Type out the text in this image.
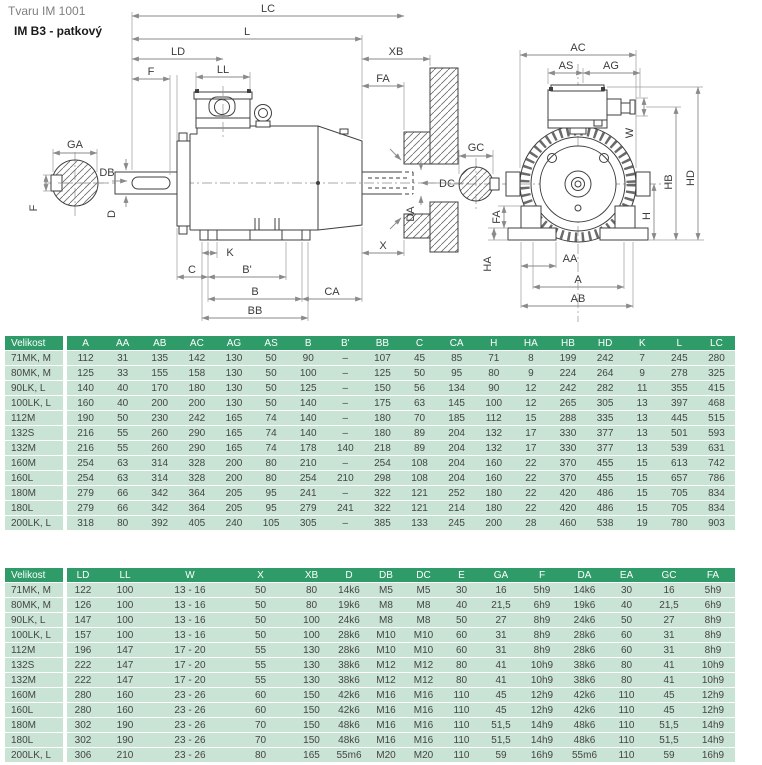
Tvaru IM 1001
IM B3 - patkový
GA
F
DB
D
LC
L
LD	XB
F	LL
FA
DC
DA
K
X
C	B'
B	CA
BB
GC
AC
AS	AG
W
H
HB HD
FA
HA	AA
A
AB
Velikost	A	AA	AB	AC	AG	AS	B	B'	BB	C	CA	H	HA	HB	HD	K	L	LC
71MK, M	112	31	135	142	130	50	90	–	107	45	85	71	8	199	242	7	245	280
80MK, M	125	33	155	158	130	50	100	–	125	50	95	80	9	224	264	9	278	325
90LK, L	140	40	170	180	130	50	125	–	150	56	134	90	12	242	282	11	355	415
100LK, L	160	40	200	200	130	50	140	–	175	63	145	100	12	265	305	13	397	468
112M	190	50	230	242	165	74	140	–	180	70	185	112	15	288	335	13	445	515
132S	216	55	260	290	165	74	140	–	180	89	204	132	17	330	377	13	501	593
132M	216	55	260	290	165	74	178	140	218	89	204	132	17	330	377	13	539	631
160M	254	63	314	328	200	80	210	–	254	108	204	160	22	370	455	15	613	742
160L	254	63	314	328	200	80	254	210	298	108	204	160	22	370	455	15	657	786
180M	279	66	342	364	205	95	241	–	322	121	252	180	22	420	486	15	705	834
180L	279	66	342	364	205	95	279	241	322	121	214	180	22	420	486	15	705	834
200LK, L	318	80	392	405	240	105	305	–	385	133	245	200	28	460	538	19	780	903
Velikost	LD	LL	W	X	XB	D	DB	DC	E	GA	F	DA	EA	GC	FA
71MK, M	122	100	13 - 16	50	80	14k6	M5	M5	30	16	5h9	14k6	30	16	5h9
80MK, M	126	100	13 - 16	50	80	19k6	M8	M8	40	21,5	6h9	19k6	40	21,5	6h9
90LK, L	147	100	13 - 16	50	100	24k6	M8	M8	50	27	8h9	24k6	50	27	8h9
100LK, L	157	100	13 - 16	50	100	28k6	M10	M10	60	31	8h9	28k6	60	31	8h9
112M	196	147	17 - 20	55	130	28k6	M10	M10	60	31	8h9	28k6	60	31	8h9
132S	222	147	17 - 20	55	130	38k6	M12	M12	80	41	10h9	38k6	80	41	10h9
132M	222	147	17 - 20	55	130	38k6	M12	M12	80	41	10h9	38k6	80	41	10h9
160M	280	160	23 - 26	60	150	42k6	M16	M16	110	45	12h9	42k6	110	45	12h9
160L	280	160	23 - 26	60	150	42k6	M16	M16	110	45	12h9	42k6	110	45	12h9
180M	302	190	23 - 26	70	150	48k6	M16	M16	110	51,5	14h9	48k6	110	51,5	14h9
180L	302	190	23 - 26	70	150	48k6	M16	M16	110	51,5	14h9	48k6	110	51,5	14h9
200LK, L	306	210	23 - 26	80	165	55m6	M20	M20	110	59	16h9	55m6	110	59	16h9
